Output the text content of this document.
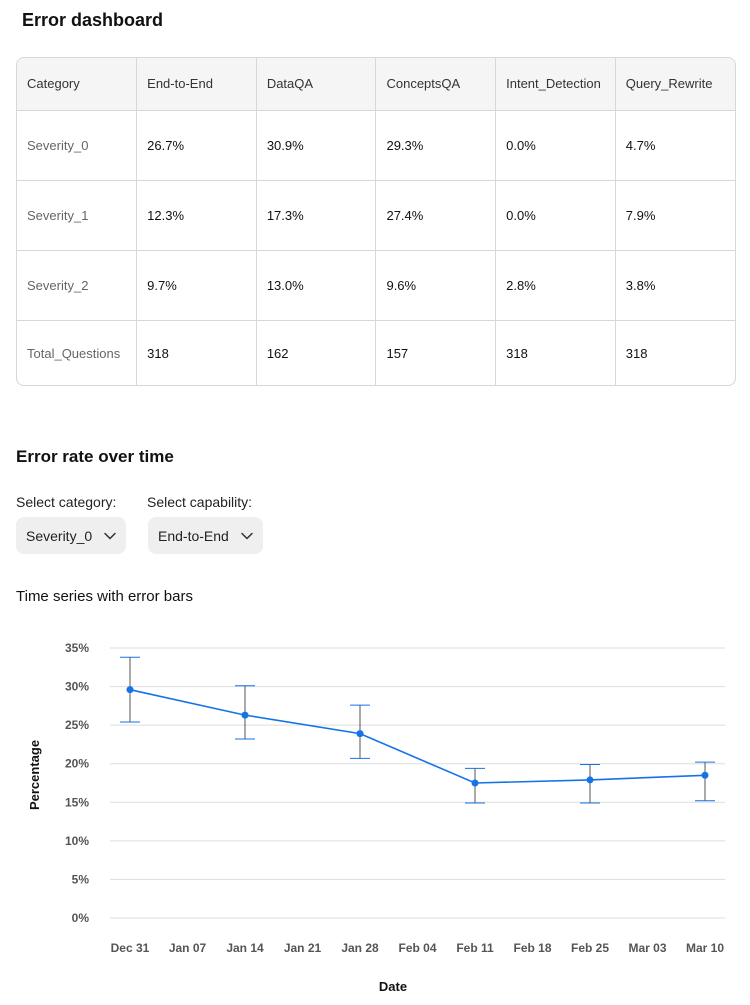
Error dashboard
Category	End-to-End	DataQA	ConceptsQA	Intent_Detection	Query_Rewrite
Severity_0	26.7%	30.9%	29.3%	0.0%	4.7%
Severity_1	12.3%	17.3%	27.4%	0.0%	7.9%
Severity_2	9.7%	13.0%	9.6%	2.8%	3.8%
Total_Questions	318	162	157	318	318
Error rate over time
Select category:
Severity_0
Select capability:
End-to-End
Time series with error bars
0%
5%
10%
15%
20%
25%
30%
35%
Dec 31 Jan 07 Jan 14 Jan 21 Jan 28 Feb 04 Feb 11 Feb 18 Feb 25 Mar 03 Mar 10
Date
Percentage
